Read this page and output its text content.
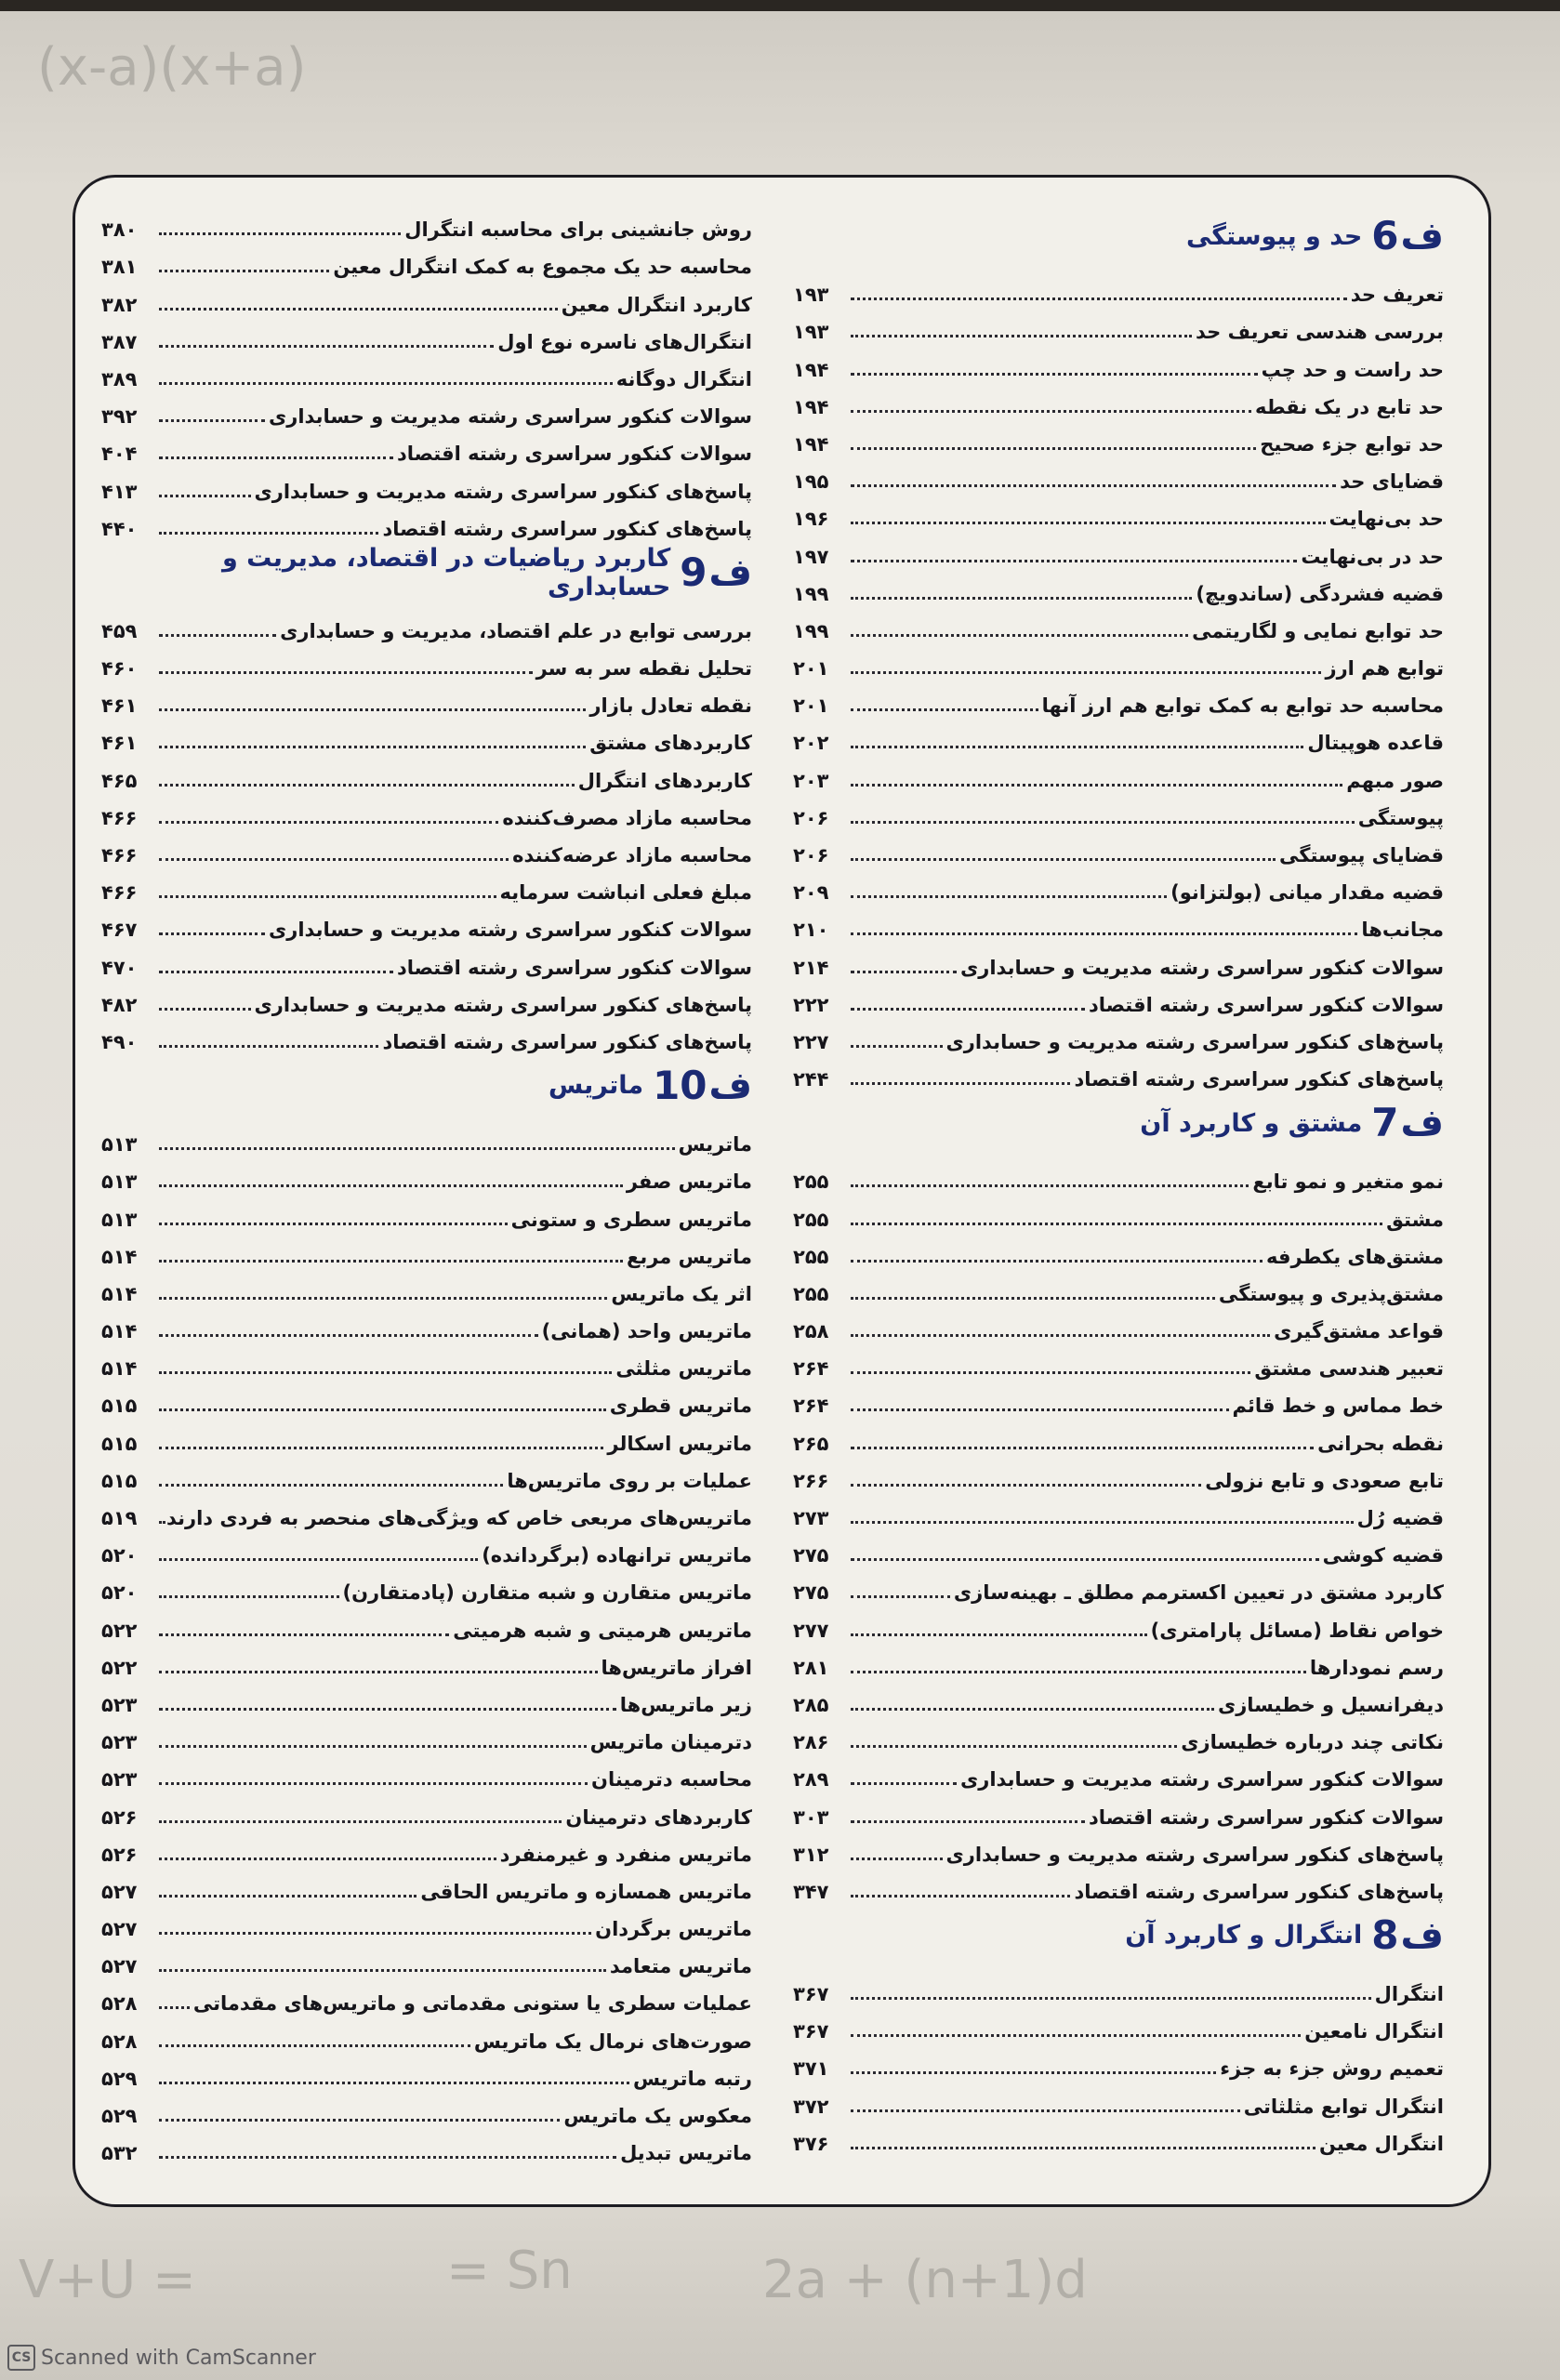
(x+a)(x-a)
= V+U	Sn =	2a + (n+1)d
ف
6
حد و پیوستگی
تعریف حد
۱۹۳
بررسی هندسی تعریف حد
۱۹۳
حد راست و حد چپ
۱۹۴
حد تابع در یک نقطه
۱۹۴
حد توابع جزء صحیح
۱۹۴
قضایای حد
۱۹۵
حد بی‌نهایت
۱۹۶
حد در بی‌نهایت
۱۹۷
قضیه فشردگی (ساندویچ)
۱۹۹
حد توابع نمایی و لگاریتمی
۱۹۹
توابع هم ارز
۲۰۱
محاسبه حد توابع به کمک توابع هم ارز آنها
۲۰۱
قاعده هوپیتال
۲۰۲
صور مبهم
۲۰۳
پیوستگی
۲۰۶
قضایای پیوستگی
۲۰۶
قضیه مقدار میانی (بولتزانو)
۲۰۹
مجانب‌ها
۲۱۰
سوالات کنکور سراسری رشته مدیریت و حسابداری
۲۱۴
سوالات کنکور سراسری رشته اقتصاد
۲۲۲
پاسخ‌های کنکور سراسری رشته مدیریت و حسابداری
۲۲۷
پاسخ‌های کنکور سراسری رشته اقتصاد
۲۴۴
ف
7
مشتق و کاربرد آن
نمو متغیر و نمو تابع
۲۵۵
مشتق
۲۵۵
مشتق‌های یکطرفه
۲۵۵
مشتق‌پذیری و پیوستگی
۲۵۵
قواعد مشتق‌گیری
۲۵۸
تعبیر هندسی مشتق
۲۶۴
خط مماس و خط قائم
۲۶۴
نقطه بحرانی
۲۶۵
تابع صعودی و تابع نزولی
۲۶۶
قضیه رُل
۲۷۳
قضیه کوشی
۲۷۵
کاربرد مشتق در تعیین اکسترمم مطلق ـ بهینه‌سازی
۲۷۵
خواص نقاط (مسائل پارامتری)
۲۷۷
رسم نمودارها
۲۸۱
دیفرانسیل و خطیسازی
۲۸۵
نکاتی چند درباره خطیسازی
۲۸۶
سوالات کنکور سراسری رشته مدیریت و حسابداری
۲۸۹
سوالات کنکور سراسری رشته اقتصاد
۳۰۳
پاسخ‌های کنکور سراسری رشته مدیریت و حسابداری
۳۱۲
پاسخ‌های کنکور سراسری رشته اقتصاد
۳۴۷
ف
8
انتگرال و کاربرد آن
انتگرال
۳۶۷
انتگرال نامعین
۳۶۷
تعمیم روش جزء به جزء
۳۷۱
انتگرال توابع مثلثاتی
۳۷۲
انتگرال معین
۳۷۶
روش جانشینی برای محاسبه انتگرال
۳۸۰
محاسبه حد یک مجموع به کمک انتگرال معین
۳۸۱
کاربرد انتگرال معین
۳۸۲
انتگرال‌های ناسره نوع اول
۳۸۷
انتگرال دوگانه
۳۸۹
سوالات کنکور سراسری رشته مدیریت و حسابداری
۳۹۲
سوالات کنکور سراسری رشته اقتصاد
۴۰۴
پاسخ‌های کنکور سراسری رشته مدیریت و حسابداری
۴۱۳
پاسخ‌های کنکور سراسری رشته اقتصاد
۴۴۰
ف
9
کاربرد ریاضیات در اقتصاد، مدیریت و حسابداری
بررسی توابع در علم اقتصاد، مدیریت و حسابداری
۴۵۹
تحلیل نقطه سر به سر
۴۶۰
نقطه تعادل بازار
۴۶۱
کاربردهای مشتق
۴۶۱
کاربردهای انتگرال
۴۶۵
محاسبه مازاد مصرف‌کننده
۴۶۶
محاسبه مازاد عرضه‌کننده
۴۶۶
مبلغ فعلی انباشت سرمایه
۴۶۶
سوالات کنکور سراسری رشته مدیریت و حسابداری
۴۶۷
سوالات کنکور سراسری رشته اقتصاد
۴۷۰
پاسخ‌های کنکور سراسری رشته مدیریت و حسابداری
۴۸۲
پاسخ‌های کنکور سراسری رشته اقتصاد
۴۹۰
ف
10
ماتریس
ماتریس
۵۱۳
ماتریس صفر
۵۱۳
ماتریس سطری و ستونی
۵۱۳
ماتریس مربع
۵۱۴
اثر یک ماتریس
۵۱۴
ماتریس واحد (همانی)
۵۱۴
ماتریس مثلثی
۵۱۴
ماتریس قطری
۵۱۵
ماتریس اسکالر
۵۱۵
عملیات بر روی ماتریس‌ها
۵۱۵
ماتریس‌های مربعی خاص که ویژگی‌های منحصر به فردی دارند
۵۱۹
ماتریس ترانهاده (برگردانده)
۵۲۰
ماتریس متقارن و شبه متقارن (پادمتقارن)
۵۲۰
ماتریس هرمیتی و شبه هرمیتی
۵۲۲
افراز ماتریس‌ها
۵۲۲
زیر ماتریس‌ها
۵۲۳
دترمینان ماتریس
۵۲۳
محاسبه دترمینان
۵۲۳
کاربردهای دترمینان
۵۲۶
ماتریس منفرد و غیرمنفرد
۵۲۶
ماتریس همسازه و ماتریس الحاقی
۵۲۷
ماتریس برگردان
۵۲۷
ماتریس متعامد
۵۲۷
عملیات سطری یا ستونی مقدماتی و ماتریس‌های مقدماتی
۵۲۸
صورت‌های نرمال یک ماتریس
۵۲۸
رتبه ماتریس
۵۲۹
معکوس یک ماتریس
۵۲۹
ماتریس تبدیل
۵۳۲
CS Scanned with CamScanner
